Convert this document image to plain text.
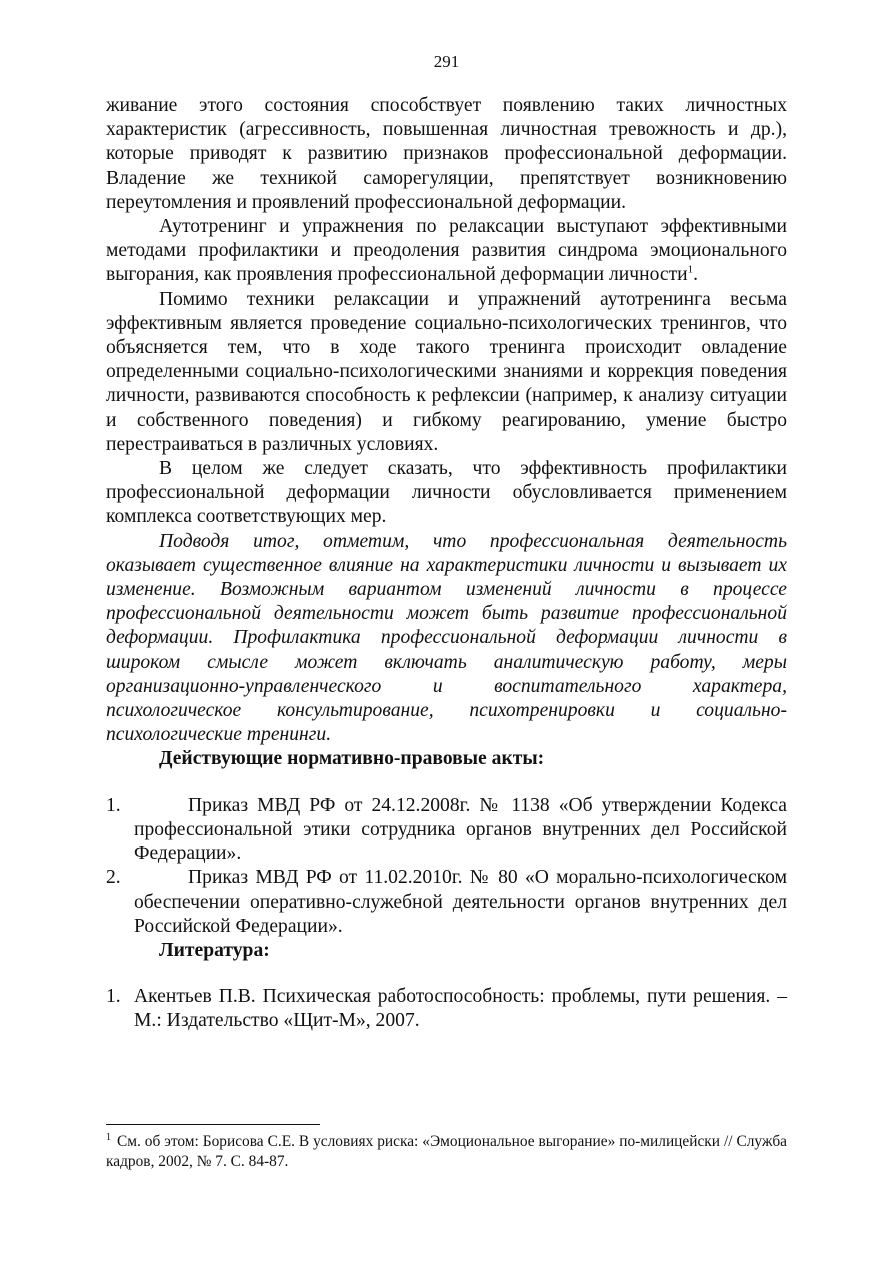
291

живание этого состояния способствует появлению таких личностных характеристик (агрессивность, повышенная личностная тревожность и др.), которые приводят к развитию признаков профессиональной деформации. Владение же техникой саморегуляции, препятствует возникновению переутомления и проявлений профессиональной деформации.

Аутотренинг и упражнения по релаксации выступают эффективными методами профилактики и преодоления развития синдрома эмоционального выгорания, как проявления профессиональной деформации личности$^1$.

Помимо техники релаксации и упражнений аутотренинга весьма эффективным является проведение социально-психологических тренингов, что объясняется тем, что в ходе такого тренинга происходит овладение определенными социально-психологическими знаниями и коррекция поведения личности, развиваются способность к рефлексии (например, к анализу ситуации и собственного поведения) и гибкому реагированию, умение быстро перестраиваться в различных условиях.

В целом же следует сказать, что эффективность профилактики профессиональной деформации личности обусловливается применением комплекса соответствующих мер.

Подводя итог, отметим, что профессиональная деятельность оказывает существенное влияние на характеристики личности и вызывает их изменение. Возможным вариантом изменений личности в процессе профессиональной деятельности может быть развитие профессиональной деформации. Профилактика профессиональной деформации личности в широком смысле может включать аналитическую работу, меры организационно-управленческого и воспитательного характера, психологическое консультирование, психотренировки и социально-психологические тренинги.

Действующие нормативно-правовые акты:

1.	Приказ МВД РФ от 24.12.2008г. № 1138 «Об утверждении Кодекса профессиональной этики сотрудника органов внутренних дел Российской Федерации».
2.	Приказ МВД РФ от 11.02.2010г. № 80 «О морально-психологическом обеспечении оперативно-служебной деятельности органов внутренних дел Российской Федерации».

Литература:

1. Акентьев П.В. Психическая работоспособность: проблемы, пути решения. – М.: Издательство «Щит-М», 2007.
$^1$ См. об этом: Борисова С.Е. В условиях риска: «Эмоциональное выгорание» по-милицейски // Служба кадров, 2002, № 7. С. 84-87.
